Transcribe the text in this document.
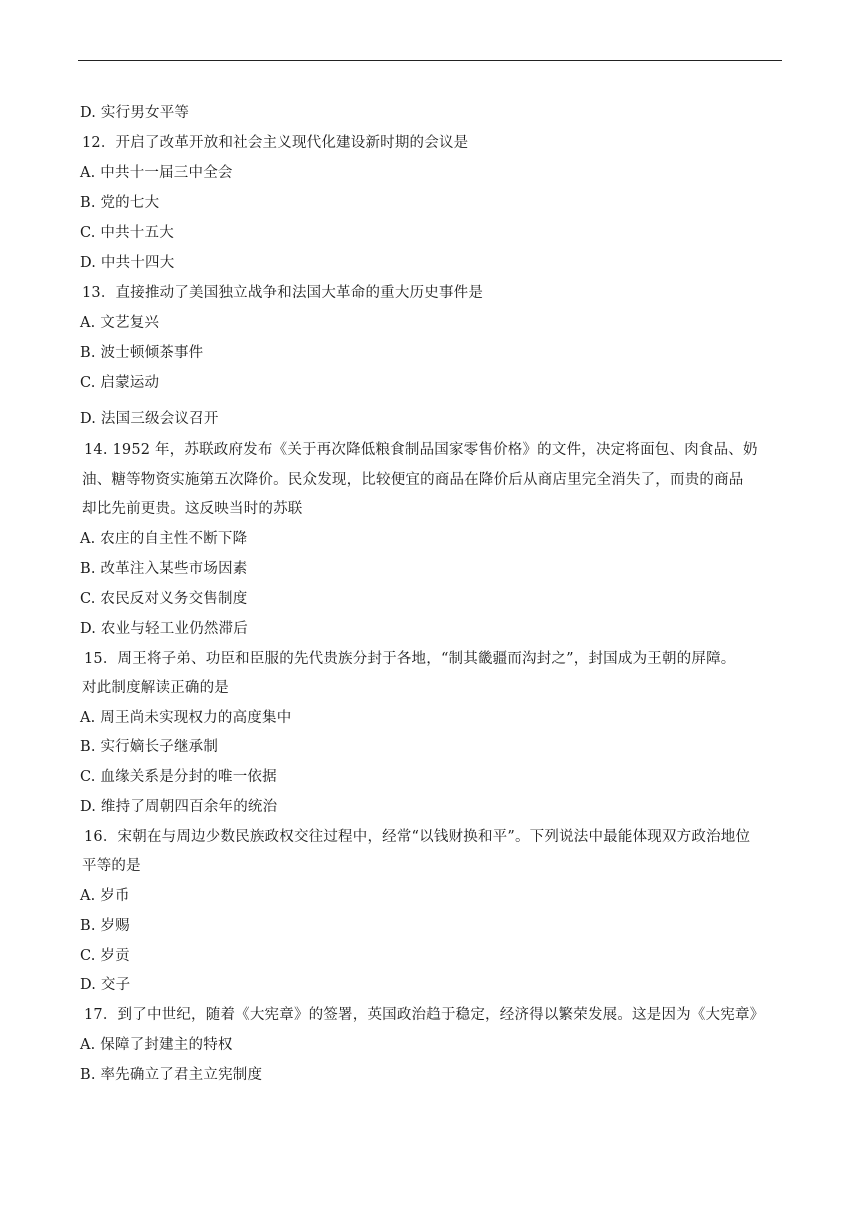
D. 实行男女平等
12．开启了改革开放和社会主义现代化建设新时期的会议是
A. 中共十一届三中全会
B. 党的七大
C. 中共十五大
D. 中共十四大
13．直接推动了美国独立战争和法国大革命的重大历史事件是
A. 文艺复兴
B. 波士顿倾茶事件
C. 启蒙运动
D. 法国三级会议召开
14. 1952 年，苏联政府发布《关于再次降低粮食制品国家零售价格》的文件，决定将面包、肉食品、奶
油、糖等物资实施第五次降价。民众发现，比较便宜的商品在降价后从商店里完全消失了，而贵的商品
却比先前更贵。这反映当时的苏联
A. 农庄的自主性不断下降
B. 改革注入某些市场因素
C. 农民反对义务交售制度
D. 农业与轻工业仍然滞后
15．周王将子弟、功臣和臣服的先代贵族分封于各地，“制其畿疆而沟封之”，封国成为王朝的屏障。
对此制度解读正确的是
A. 周王尚未实现权力的高度集中
B. 实行嫡长子继承制
C. 血缘关系是分封的唯一依据
D. 维持了周朝四百余年的统治
16．宋朝在与周边少数民族政权交往过程中，经常“以钱财换和平”。下列说法中最能体现双方政治地位
平等的是
A. 岁币
B. 岁赐
C. 岁贡
D. 交子
17．到了中世纪，随着《大宪章》的签署，英国政治趋于稳定，经济得以繁荣发展。这是因为《大宪章》
A. 保障了封建主的特权
B. 率先确立了君主立宪制度
